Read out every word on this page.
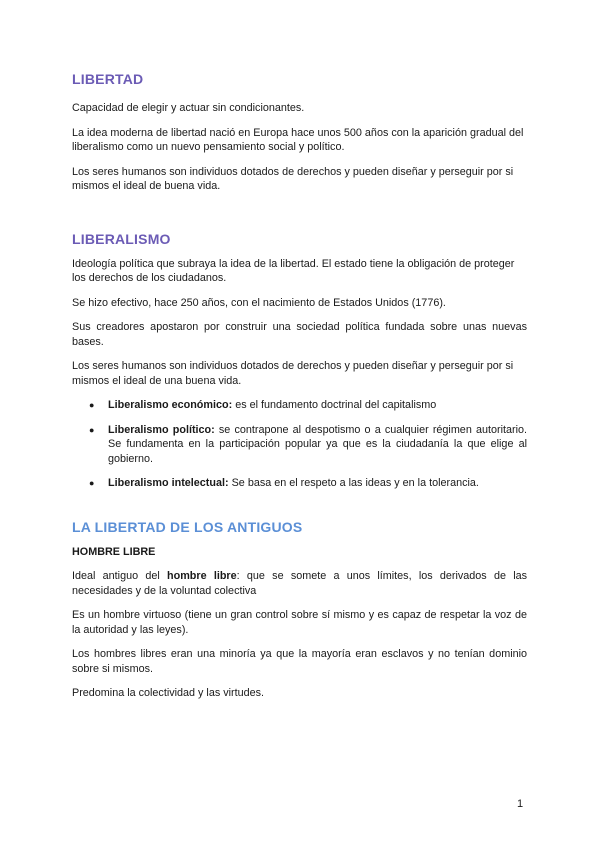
LIBERTAD

Capacidad de elegir y actuar sin condicionantes.

La idea moderna de libertad nació en Europa hace unos 500 años con la aparición gradual del liberalismo como un nuevo pensamiento social y político.

Los seres humanos son individuos dotados de derechos y pueden diseñar y perseguir por si mismos el ideal de buena vida.

LIBERALISMO

Ideología política que subraya la idea de la libertad. El estado tiene la obligación de proteger los derechos de los ciudadanos.

Se hizo efectivo, hace 250 años, con el nacimiento de Estados Unidos (1776).

Sus creadores apostaron por construir una sociedad política fundada sobre unas nuevas bases.

Los seres humanos son individuos dotados de derechos y pueden diseñar y perseguir por si mismos el ideal de una buena vida.

● Liberalismo económico: es el fundamento doctrinal del capitalismo
● Liberalismo político: se contrapone al despotismo o a cualquier régimen autoritario. Se fundamenta en la participación popular ya que es la ciudadanía la que elige al gobierno.
● Liberalismo intelectual: Se basa en el respeto a las ideas y en la tolerancia.
LA LIBERTAD DE LOS ANTIGUOS

HOMBRE LIBRE

Ideal antiguo del hombre libre: que se somete a unos límites, los derivados de las necesidades y de la voluntad colectiva

Es un hombre virtuoso (tiene un gran control sobre sí mismo y es capaz de respetar la voz de la autoridad y las leyes).

Los hombres libres eran una minoría ya que la mayoría eran esclavos y no tenían dominio sobre si mismos.

Predomina la colectividad y las virtudes.

1
